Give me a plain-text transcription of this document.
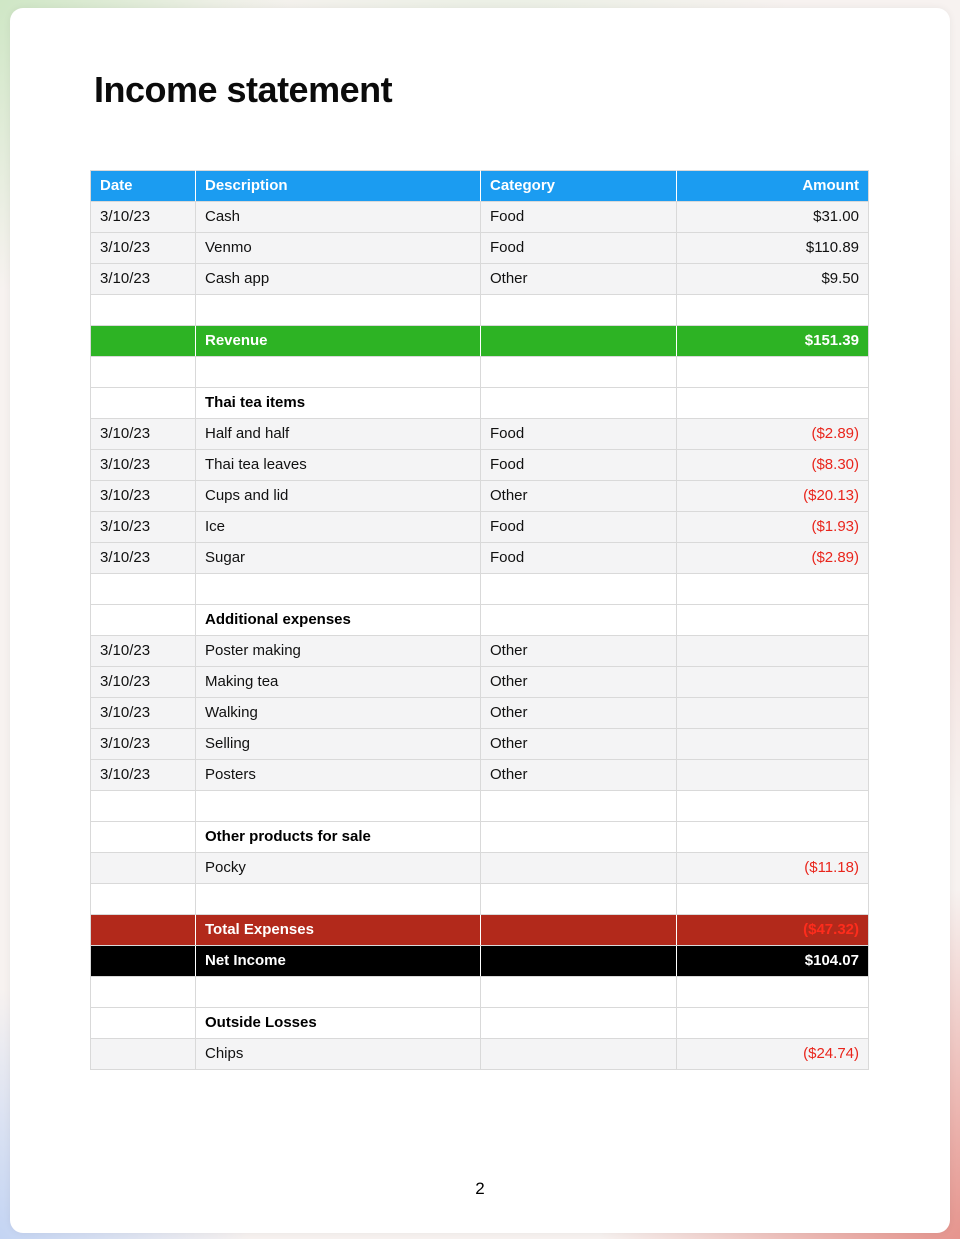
Income statement
Date	Description	Category	Amount
3/10/23	Cash	Food	$31.00
3/10/23	Venmo	Food	$110.89
3/10/23	Cash app	Other	$9.50

	Revenue		$151.39

	Thai tea items		
3/10/23	Half and half	Food	($2.89)
3/10/23	Thai tea leaves	Food	($8.30)
3/10/23	Cups and lid	Other	($20.13)
3/10/23	Ice	Food	($1.93)
3/10/23	Sugar	Food	($2.89)

	Additional expenses		
3/10/23	Poster making	Other	
3/10/23	Making tea	Other	
3/10/23	Walking	Other	
3/10/23	Selling	Other	
3/10/23	Posters	Other	

	Other products for sale		
	Pocky		($11.18)

	Total Expenses		($47.32)
	Net Income		$104.07

	Outside Losses		
	Chips		($24.74)
2
